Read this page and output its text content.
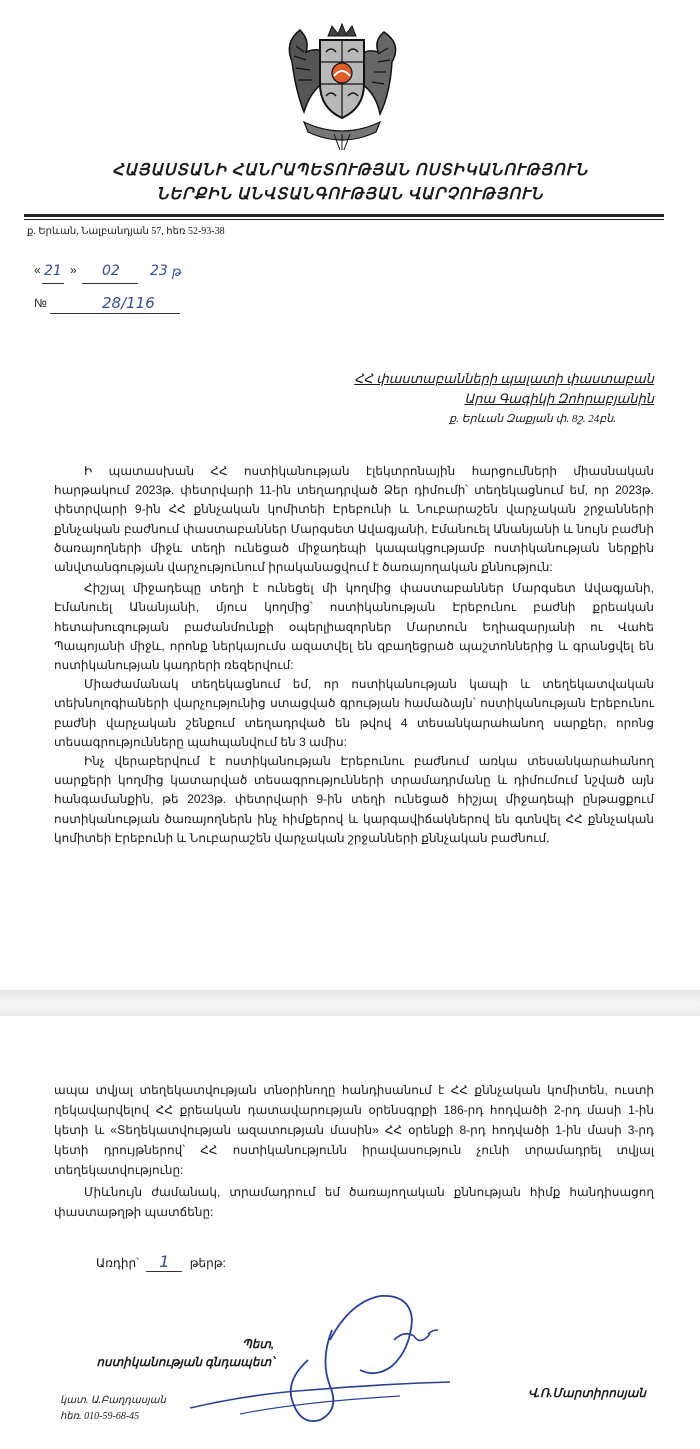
ՀԱՅԱՍՏԱՆԻ ՀԱՆՐԱՊԵՏՈՒԹՅԱՆ ՈՍՏԻԿԱՆՈՒԹՅՈՒՆ
ՆԵՐՔԻՆ ԱՆՎՏԱՆԳՈՒԹՅԱՆ ՎԱՐՉՈՒԹՅՈՒՆ
ք. Երևան, Նալբանդյան 57, հեռ 52-93-38
« 21 » 02 23 թ
№	28/116
ՀՀ փաստաբանների պալատի փաստաբան
Արա Գագիկի Զոհրաբյանին
ք. Երևան Զաքյան փ. 8շ. 24բն.

Ի պատասխան ՀՀ ոստիկանության էլեկտրոնային հարցումների միասնական հարթակում 2023թ. փետրվարի 11-ին տեղադրված Ձեր դիմումի՝ տեղեկացնում եմ, որ 2023թ. փետրվարի 9-ին ՀՀ քննչական կոմիտեի Էրեբունի և Նուբարաշեն վարչական շրջանների քննչական բաժնում փաստաբաններ Մարգսետ Ավագյանի, Էմանուել Անանյանի և նույն բաժնի ծառայողների միջև տեղի ունեցած միջադեպի կապակցությամբ ոստիկանության ներքին անվտանգության վարչությունում իրականացվում է ծառայողական քննություն:

Հիշյալ միջադեպը տեղի է ունեցել մի կողմից փաստաբաններ Մարգսետ Ավագյանի, Էմանուել Անանյանի, մյուս կողմից՝ ոստիկանության Էրեբունու բաժնի քրեական հետախուզության բաժանմունքի օպերլիազորներ Մարտուն Եղիազարյանի ու Վահե Պապոյանի միջև, որոնք ներկայումս ազատվել են զբաղեցրած պաշտոններից և գրանցվել են ոստիկանության կադրերի ռեզերվում:

Միաժամանակ տեղեկացնում եմ, որ ոստիկանության կապի և տեղեկատվական տեխնոլոգիաների վարչությունից ստացված գրության համաձայն՝ ոստիկանության Էրեբունու բաժնի վարչական շենքում տեղադրված են թվով 4 տեսանկարահանող սարքեր, որոնց տեսագրությունները պահպանվում են 3 ամիս:

Ինչ վերաբերվում է ոստիկանության Էրեբունու բաժնում առկա տեսանկարահանող սարքերի կողմից կատարված տեսագրությունների տրամադրմանը և դիմումում նշված այն հանգամանքին, թե 2023թ. փետրվարի 9-ին տեղի ունեցած հիշյալ միջադեպի ընթացքում ոստիկանության ծառայողներն ինչ հիմքերով և կարգավիճակներով են գտնվել ՀՀ քննչական կոմիտեի Էրեբունի և Նուբարաշեն վարչական շրջանների քննչական բաժնում,

ապա տվյալ տեղեկատվության տնօրինողը հանդիսանում է ՀՀ քննչական կոմիտեն, ուստի ղեկավարվելով ՀՀ քրեական դատավարության օրենսգրքի 186-րդ հոդվածի 2-րդ մասի 1-ին կետի և «Տեղեկատվության ազատության մասին» ՀՀ օրենքի 8-րդ հոդվածի 1-ին մասի 3-րդ կետի դրույթներով՝ ՀՀ ոստիկանությունն իրավասություն չունի տրամադրել տվյալ տեղեկատվությունը:

Միևնույն ժամանակ, տրամադրում եմ ծառայողական քննության հիմք հանդիսացող փաստաթղթի պատճենը:

Առդիր՝ 1 թերթ:
Պետ,
ոստիկանության գնդապետ՝
Վ.Ռ.Մարտիրոսյան
կատ. Ա.Բաղդասյան
հեռ. 010-59-68-45
